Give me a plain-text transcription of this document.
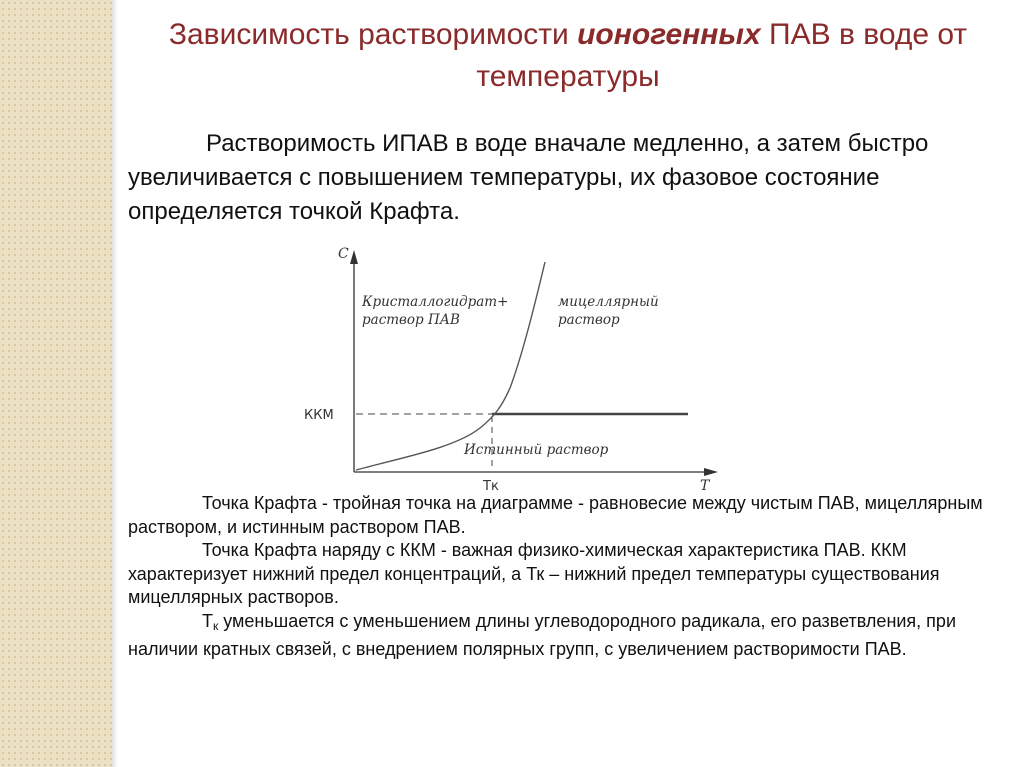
Зависимость растворимости ионогенных ПАВ в воде от температуры
Растворимость ИПАВ в воде вначале медленно, а затем быстро увеличивается с повышением температуры, их фазовое состояние определяется точкой Крафта.
C
T
ККМ
Тк
Кристаллогидрат+
раствор ПАВ
мицеллярный
раствор
Истинный раствор

Точка Крафта - тройная точка на диаграмме - равновесие между чистым ПАВ, мицеллярным раствором, и истинным раствором ПАВ.

Точка Крафта наряду с ККМ - важная физико-химическая характеристика ПАВ. ККМ характеризует нижний предел концентраций, а Тк – нижний предел температуры существования мицеллярных растворов.

$Т_к$ уменьшается с уменьшением длины углеводородного радикала, его разветвления, при наличии кратных связей, с внедрением полярных групп, с увеличением растворимости ПАВ.
